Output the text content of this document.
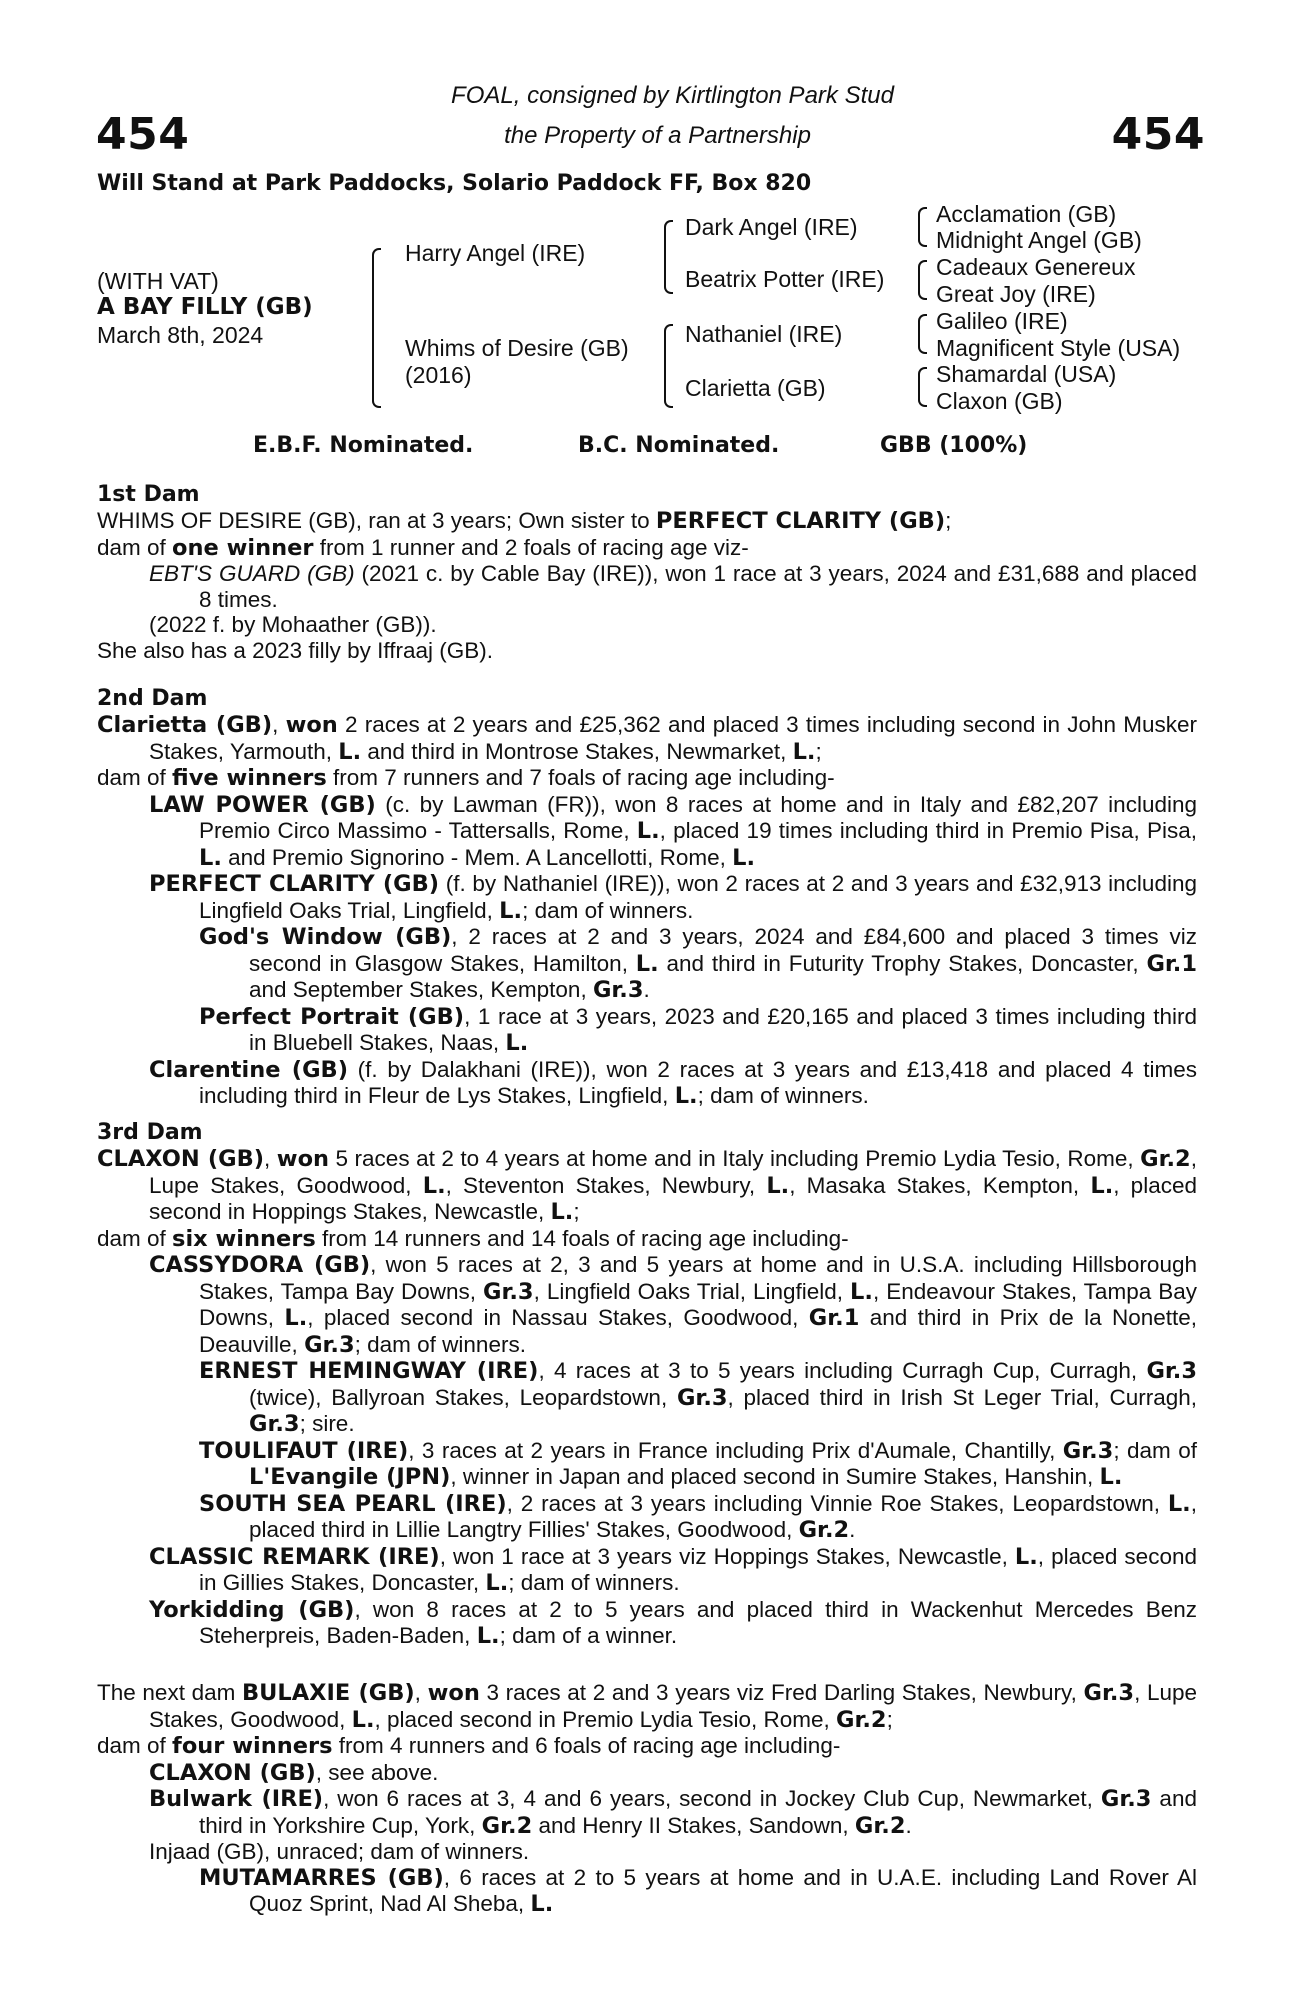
454	454
FOAL, consigned by Kirtlington Park Stud
the Property of a Partnership
Will Stand at Park Paddocks, Solario Paddock FF, Box 820
(WITH VAT)
A BAY FILLY (GB)
March 8th, 2024
Harry Angel (IRE)
Whims of Desire (GB)
(2016)
Dark Angel (IRE)
Beatrix Potter (IRE)
Nathaniel (IRE)
Clarietta (GB)
Acclamation (GB)
Midnight Angel (GB)
Cadeaux Genereux
Great Joy (IRE)
Galileo (IRE)
Magnificent Style (USA)
Shamardal (USA)
Claxon (GB)
E.B.F. Nominated.	B.C. Nominated.	GBB (100%)
1st Dam

WHIMS OF DESIRE (GB), ran at 3 years; Own sister to PERFECT CLARITY (GB);

dam of one winner from 1 runner and 2 foals of racing age viz-

EBT'S GUARD (GB) (2021 c. by Cable Bay (IRE)), won 1 race at 3 years, 2024 and £31,688 and placed 8 times.

(2022 f. by Mohaather (GB)).

She also has a 2023 filly by Iffraaj (GB).

2nd Dam

Clarietta (GB), won 2 races at 2 years and £25,362 and placed 3 times including second in John Musker Stakes, Yarmouth, L. and third in Montrose Stakes, Newmarket, L.;

dam of five winners from 7 runners and 7 foals of racing age including-

LAW POWER (GB) (c. by Lawman (FR)), won 8 races at home and in Italy and £82,207 including Premio Circo Massimo - Tattersalls, Rome, L., placed 19 times including third in Premio Pisa, Pisa, L. and Premio Signorino - Mem. A Lancellotti, Rome, L.

PERFECT CLARITY (GB) (f. by Nathaniel (IRE)), won 2 races at 2 and 3 years and £32,913 including Lingfield Oaks Trial, Lingfield, L.; dam of winners.

God's Window (GB), 2 races at 2 and 3 years, 2024 and £84,600 and placed 3 times viz second in Glasgow Stakes, Hamilton, L. and third in Futurity Trophy Stakes, Doncaster, Gr.1 and September Stakes, Kempton, Gr.3.

Perfect Portrait (GB), 1 race at 3 years, 2023 and £20,165 and placed 3 times including third in Bluebell Stakes, Naas, L.

Clarentine (GB) (f. by Dalakhani (IRE)), won 2 races at 3 years and £13,418 and placed 4 times including third in Fleur de Lys Stakes, Lingfield, L.; dam of winners.

3rd Dam

CLAXON (GB), won 5 races at 2 to 4 years at home and in Italy including Premio Lydia Tesio, Rome, Gr.2, Lupe Stakes, Goodwood, L., Steventon Stakes, Newbury, L., Masaka Stakes, Kempton, L., placed second in Hoppings Stakes, Newcastle, L.;

dam of six winners from 14 runners and 14 foals of racing age including-

CASSYDORA (GB), won 5 races at 2, 3 and 5 years at home and in U.S.A. including Hillsborough Stakes, Tampa Bay Downs, Gr.3, Lingfield Oaks Trial, Lingfield, L., Endeavour Stakes, Tampa Bay Downs, L., placed second in Nassau Stakes, Goodwood, Gr.1 and third in Prix de la Nonette, Deauville, Gr.3; dam of winners.

ERNEST HEMINGWAY (IRE), 4 races at 3 to 5 years including Curragh Cup, Curragh, Gr.3 (twice), Ballyroan Stakes, Leopardstown, Gr.3, placed third in Irish St Leger Trial, Curragh, Gr.3; sire.

TOULIFAUT (IRE), 3 races at 2 years in France including Prix d'Aumale, Chantilly, Gr.3; dam of L'Evangile (JPN), winner in Japan and placed second in Sumire Stakes, Hanshin, L.

SOUTH SEA PEARL (IRE), 2 races at 3 years including Vinnie Roe Stakes, Leopardstown, L., placed third in Lillie Langtry Fillies' Stakes, Goodwood, Gr.2.

CLASSIC REMARK (IRE), won 1 race at 3 years viz Hoppings Stakes, Newcastle, L., placed second in Gillies Stakes, Doncaster, L.; dam of winners.

Yorkidding (GB), won 8 races at 2 to 5 years and placed third in Wackenhut Mercedes Benz Steherpreis, Baden-Baden, L.; dam of a winner.

The next dam BULAXIE (GB), won 3 races at 2 and 3 years viz Fred Darling Stakes, Newbury, Gr.3, Lupe Stakes, Goodwood, L., placed second in Premio Lydia Tesio, Rome, Gr.2;

dam of four winners from 4 runners and 6 foals of racing age including-

CLAXON (GB), see above.

Bulwark (IRE), won 6 races at 3, 4 and 6 years, second in Jockey Club Cup, Newmarket, Gr.3 and third in Yorkshire Cup, York, Gr.2 and Henry II Stakes, Sandown, Gr.2.

Injaad (GB), unraced; dam of winners.

MUTAMARRES (GB), 6 races at 2 to 5 years at home and in U.A.E. including Land Rover Al Quoz Sprint, Nad Al Sheba, L.
